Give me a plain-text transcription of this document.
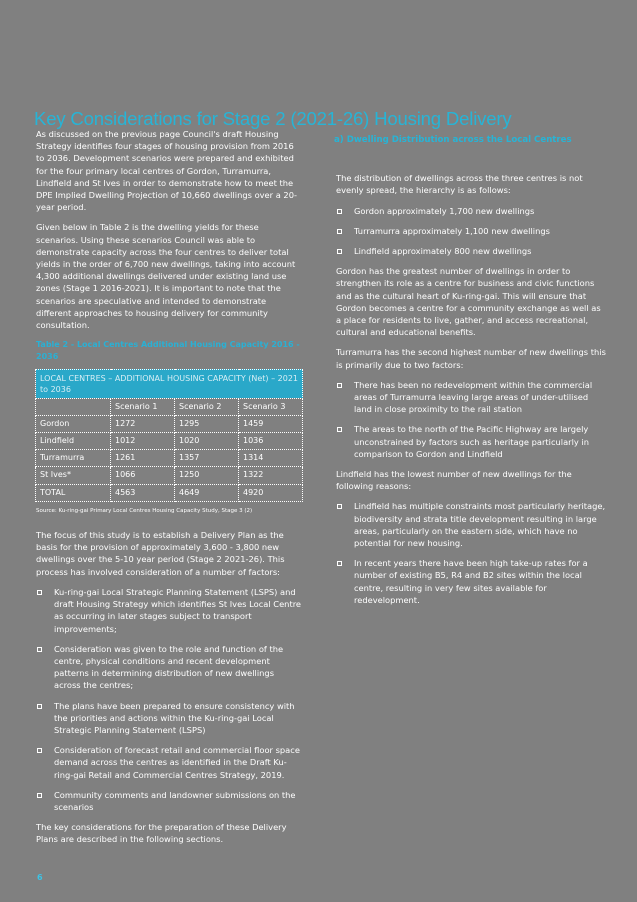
Key Considerations for Stage 2 (2021-26) Housing Delivery

As discussed on the previous page Council's draft Housing Strategy identifies four stages of housing provision from 2016 to 2036. Development scenarios were prepared and exhibited for the four primary local centres of Gordon, Turramurra, Lindfield and St Ives in order to demonstrate how to meet the DPE Implied Dwelling Projection of 10,660 dwellings over a 20-year period.

Given below in Table 2 is the dwelling yields for these scenarios. Using these scenarios Council was able to demonstrate capacity across the four centres to deliver total yields in the order of 6,700 new dwellings, taking into account 4,300 additional dwellings delivered under existing land use zones (Stage 1 2016-2021). It is important to note that the scenarios are speculative and intended to demonstrate different approaches to housing delivery for community consultation.

Table 2 - Local Centres Additional Housing Capacity 2016 - 2036
LOCAL CENTRES – ADDITIONAL HOUSING CAPACITY (Net) – 2021 to 2036			
	Scenario 1	Scenario 2	Scenario 3
Gordon	1272	1295	1459
Lindfield	1012	1020	1036
Turramurra	1261	1357	1314
St Ives*	1066	1250	1322
TOTAL	4563	4649	4920
Source: Ku-ring-gai Primary Local Centres Housing Capacity Study, Stage 3 (2)

The focus of this study is to establish a Delivery Plan as the basis for the provision of approximately 3,600 - 3,800 new dwellings over the 5-10 year period (Stage 2 2021-26). This process has involved consideration of a number of factors:

Ku-ring-gai Local Strategic Planning Statement (LSPS) and draft Housing Strategy which identifies St Ives Local Centre as occurring in later stages subject to transport improvements;
Consideration was given to the role and function of the centre, physical conditions and recent development patterns in determining distribution of new dwellings across the centres;
The plans have been prepared to ensure consistency with the priorities and actions within the Ku-ring-gai Local Strategic Planning Statement (LSPS)
Consideration of forecast retail and commercial floor space demand across the centres as identified in the Draft Ku-ring-gai Retail and Commercial Centres Strategy, 2019.
Community comments and landowner submissions on the scenarios

The key considerations for the preparation of these Delivery Plans are described in the following sections.

a) Dwelling Distribution across the Local Centres

The distribution of dwellings across the three centres is not evenly spread, the hierarchy is as follows:

Gordon approximately 1,700 new dwellings
Turramurra approximately 1,100 new dwellings
Lindfield approximately 800 new dwellings

Gordon has the greatest number of dwellings in order to strengthen its role as a centre for business and civic functions and as the cultural heart of Ku-ring-gai. This will ensure that Gordon becomes a centre for a community exchange as well as a place for residents to live, gather, and access recreational, cultural and educational benefits.

Turramurra has the second highest number of new dwellings this is primarily due to two factors:

There has been no redevelopment within the commercial areas of Turramurra leaving large areas of under-utilised land in close proximity to the rail station
The areas to the north of the Pacific Highway are largely unconstrained by factors such as heritage particularly in comparison to Gordon and Lindfield

Lindfield has the lowest number of new dwellings for the following reasons:

Lindfield has multiple constraints most particularly heritage, biodiversity and strata title development resulting in large areas, particularly on the eastern side, which have no potential for new housing.
In recent years there have been high take-up rates for a number of existing B5, R4 and B2 sites within the local centre, resulting in very few sites available for redevelopment.
6
